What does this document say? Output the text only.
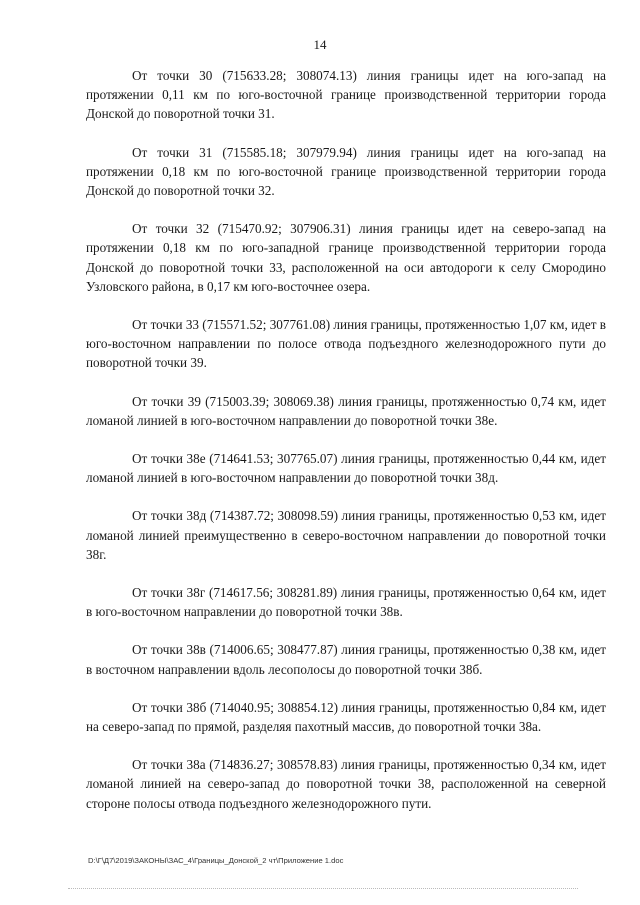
14

От точки 30 (715633.28; 308074.13) линия границы идет на юго-запад на протяжении 0,11 км по юго-восточной границе производственной территории города Донской до поворотной точки 31.

От точки 31 (715585.18; 307979.94) линия границы идет на юго-запад на протяжении 0,18 км по юго-восточной границе производственной территории города Донской до поворотной точки 32.

От точки 32 (715470.92; 307906.31) линия границы идет на северо-запад на протяжении 0,18 км по юго-западной границе производственной территории города Донской до поворотной точки 33, расположенной на оси автодороги к селу Смородино Узловского района, в 0,17 км юго-восточнее озера.

От точки 33 (715571.52; 307761.08) линия границы, протяженностью 1,07 км, идет в юго-восточном направлении по полосе отвода подъездного железнодорожного пути до поворотной точки 39.

От точки 39 (715003.39; 308069.38) линия границы, протяженностью 0,74 км, идет ломаной линией в юго-восточном направлении до поворотной точки 38е.

От точки 38е (714641.53; 307765.07) линия границы, протяженностью 0,44 км, идет ломаной линией в юго-восточном направлении до поворотной точки 38д.

От точки 38д (714387.72; 308098.59) линия границы, протяженностью 0,53 км, идет ломаной линией преимущественно в северо-восточном направлении до поворотной точки 38г.

От точки 38г (714617.56; 308281.89) линия границы, протяженностью 0,64 км, идет в юго-восточном направлении до поворотной точки 38в.

От точки 38в (714006.65; 308477.87) линия границы, протяженностью 0,38 км, идет в восточном направлении вдоль лесополосы до поворотной точки 38б.

От точки 38б (714040.95; 308854.12) линия границы, протяженностью 0,84 км, идет на северо-запад по прямой, разделяя пахотный массив, до поворотной точки 38а.

От точки 38а (714836.27; 308578.83) линия границы, протяженностью 0,34 км, идет ломаной линией на северо-запад до поворотной точки 38, расположенной на северной стороне полосы отвода подъездного железнодорожного пути.

D:\Г\Д7\2019\ЗАКОНЫ\ЗАС_4\Границы_Донской_2 чт\Приложение 1.doc
